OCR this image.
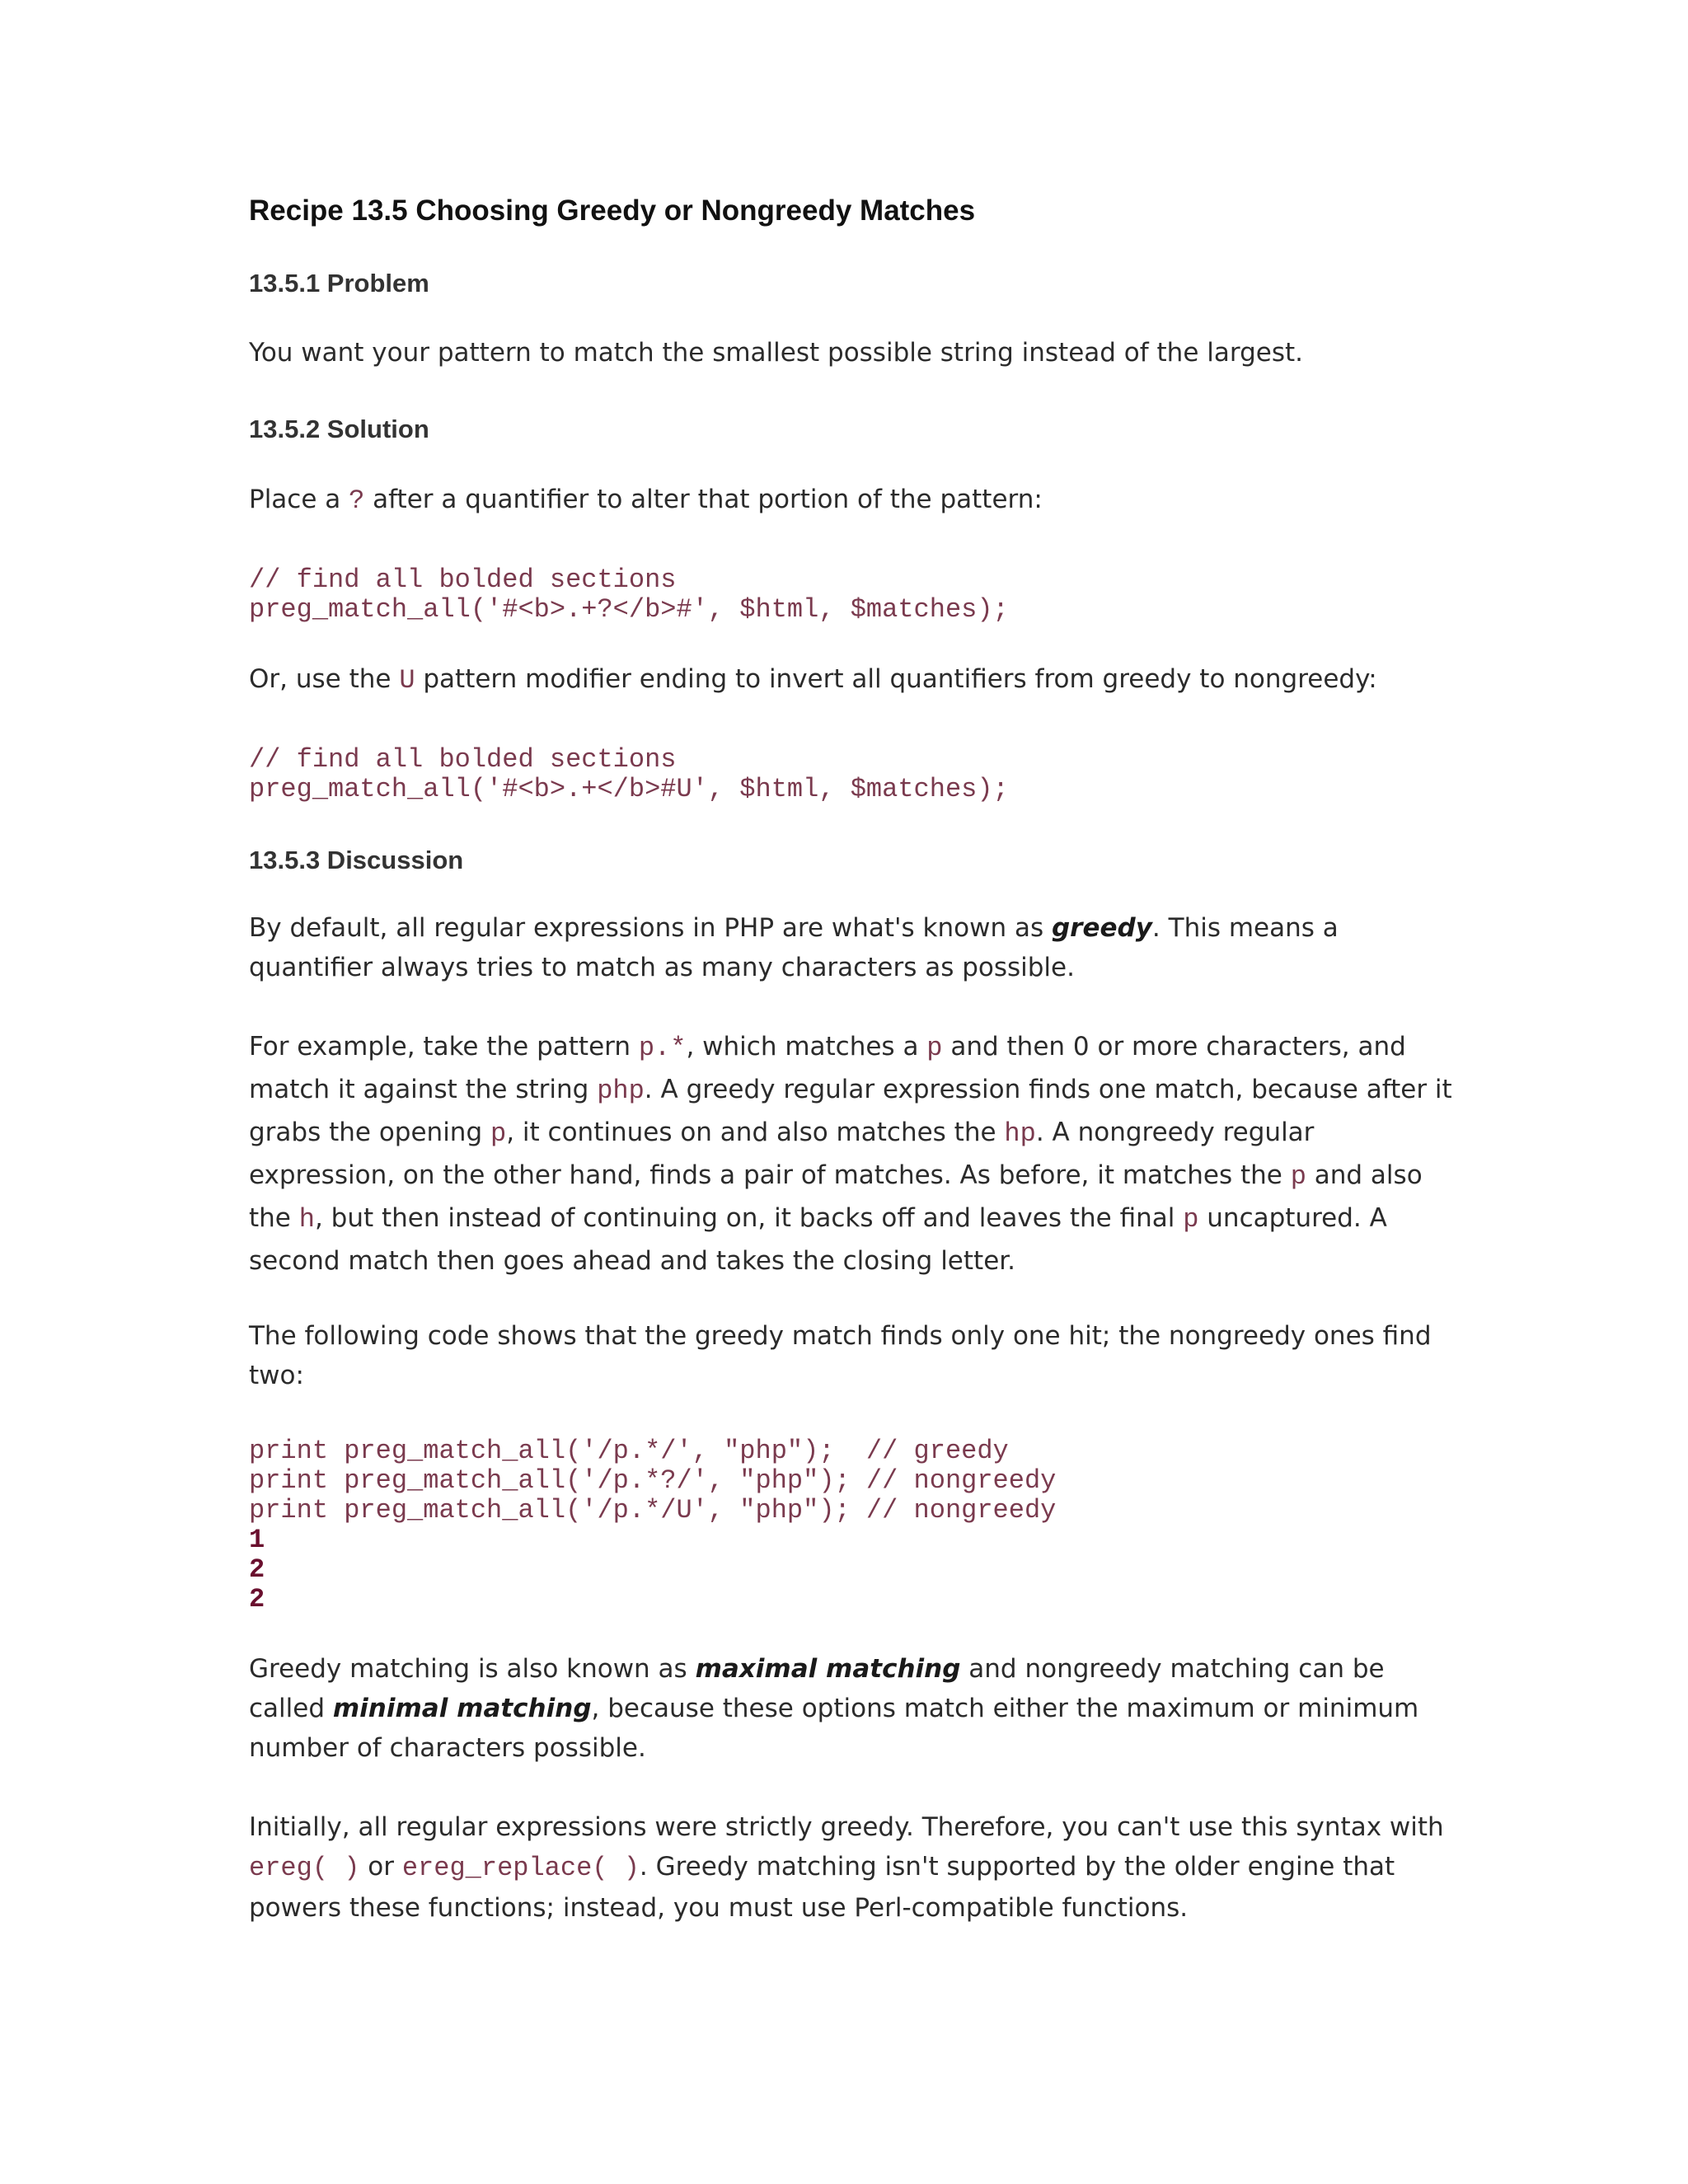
Recipe 13.5 Choosing Greedy or Nongreedy Matches
13.5.1 Problem
You want your pattern to match the smallest possible string instead of the largest.
13.5.2 Solution
Place a ? after a quantifier to alter that portion of the pattern:
// find all bolded sections
preg_match_all('#<b>.+?</b>#', $html, $matches);
Or, use the U pattern modifier ending to invert all quantifiers from greedy to nongreedy:
// find all bolded sections
preg_match_all('#<b>.+</b>#U', $html, $matches);
13.5.3 Discussion
By default, all regular expressions in PHP are what's known as greedy. This means a quantifier always tries to match as many characters as possible.
For example, take the pattern p.*, which matches a p and then 0 or more characters, and match it against the string php. A greedy regular expression finds one match, because after it grabs the opening p, it continues on and also matches the hp. A nongreedy regular expression, on the other hand, finds a pair of matches. As before, it matches the p and also the h, but then instead of continuing on, it backs off and leaves the final p uncaptured. A second match then goes ahead and takes the closing letter.
The following code shows that the greedy match finds only one hit; the nongreedy ones find two:
print preg_match_all('/p.*/', "php");  // greedy
print preg_match_all('/p.*?/', "php"); // nongreedy
print preg_match_all('/p.*/U', "php"); // nongreedy
1
2
2
Greedy matching is also known as maximal matching and nongreedy matching can be called minimal matching, because these options match either the maximum or minimum number of characters possible.
Initially, all regular expressions were strictly greedy. Therefore, you can't use this syntax with ereg( ) or ereg_replace( ). Greedy matching isn't supported by the older engine that powers these functions; instead, you must use Perl-compatible functions.
